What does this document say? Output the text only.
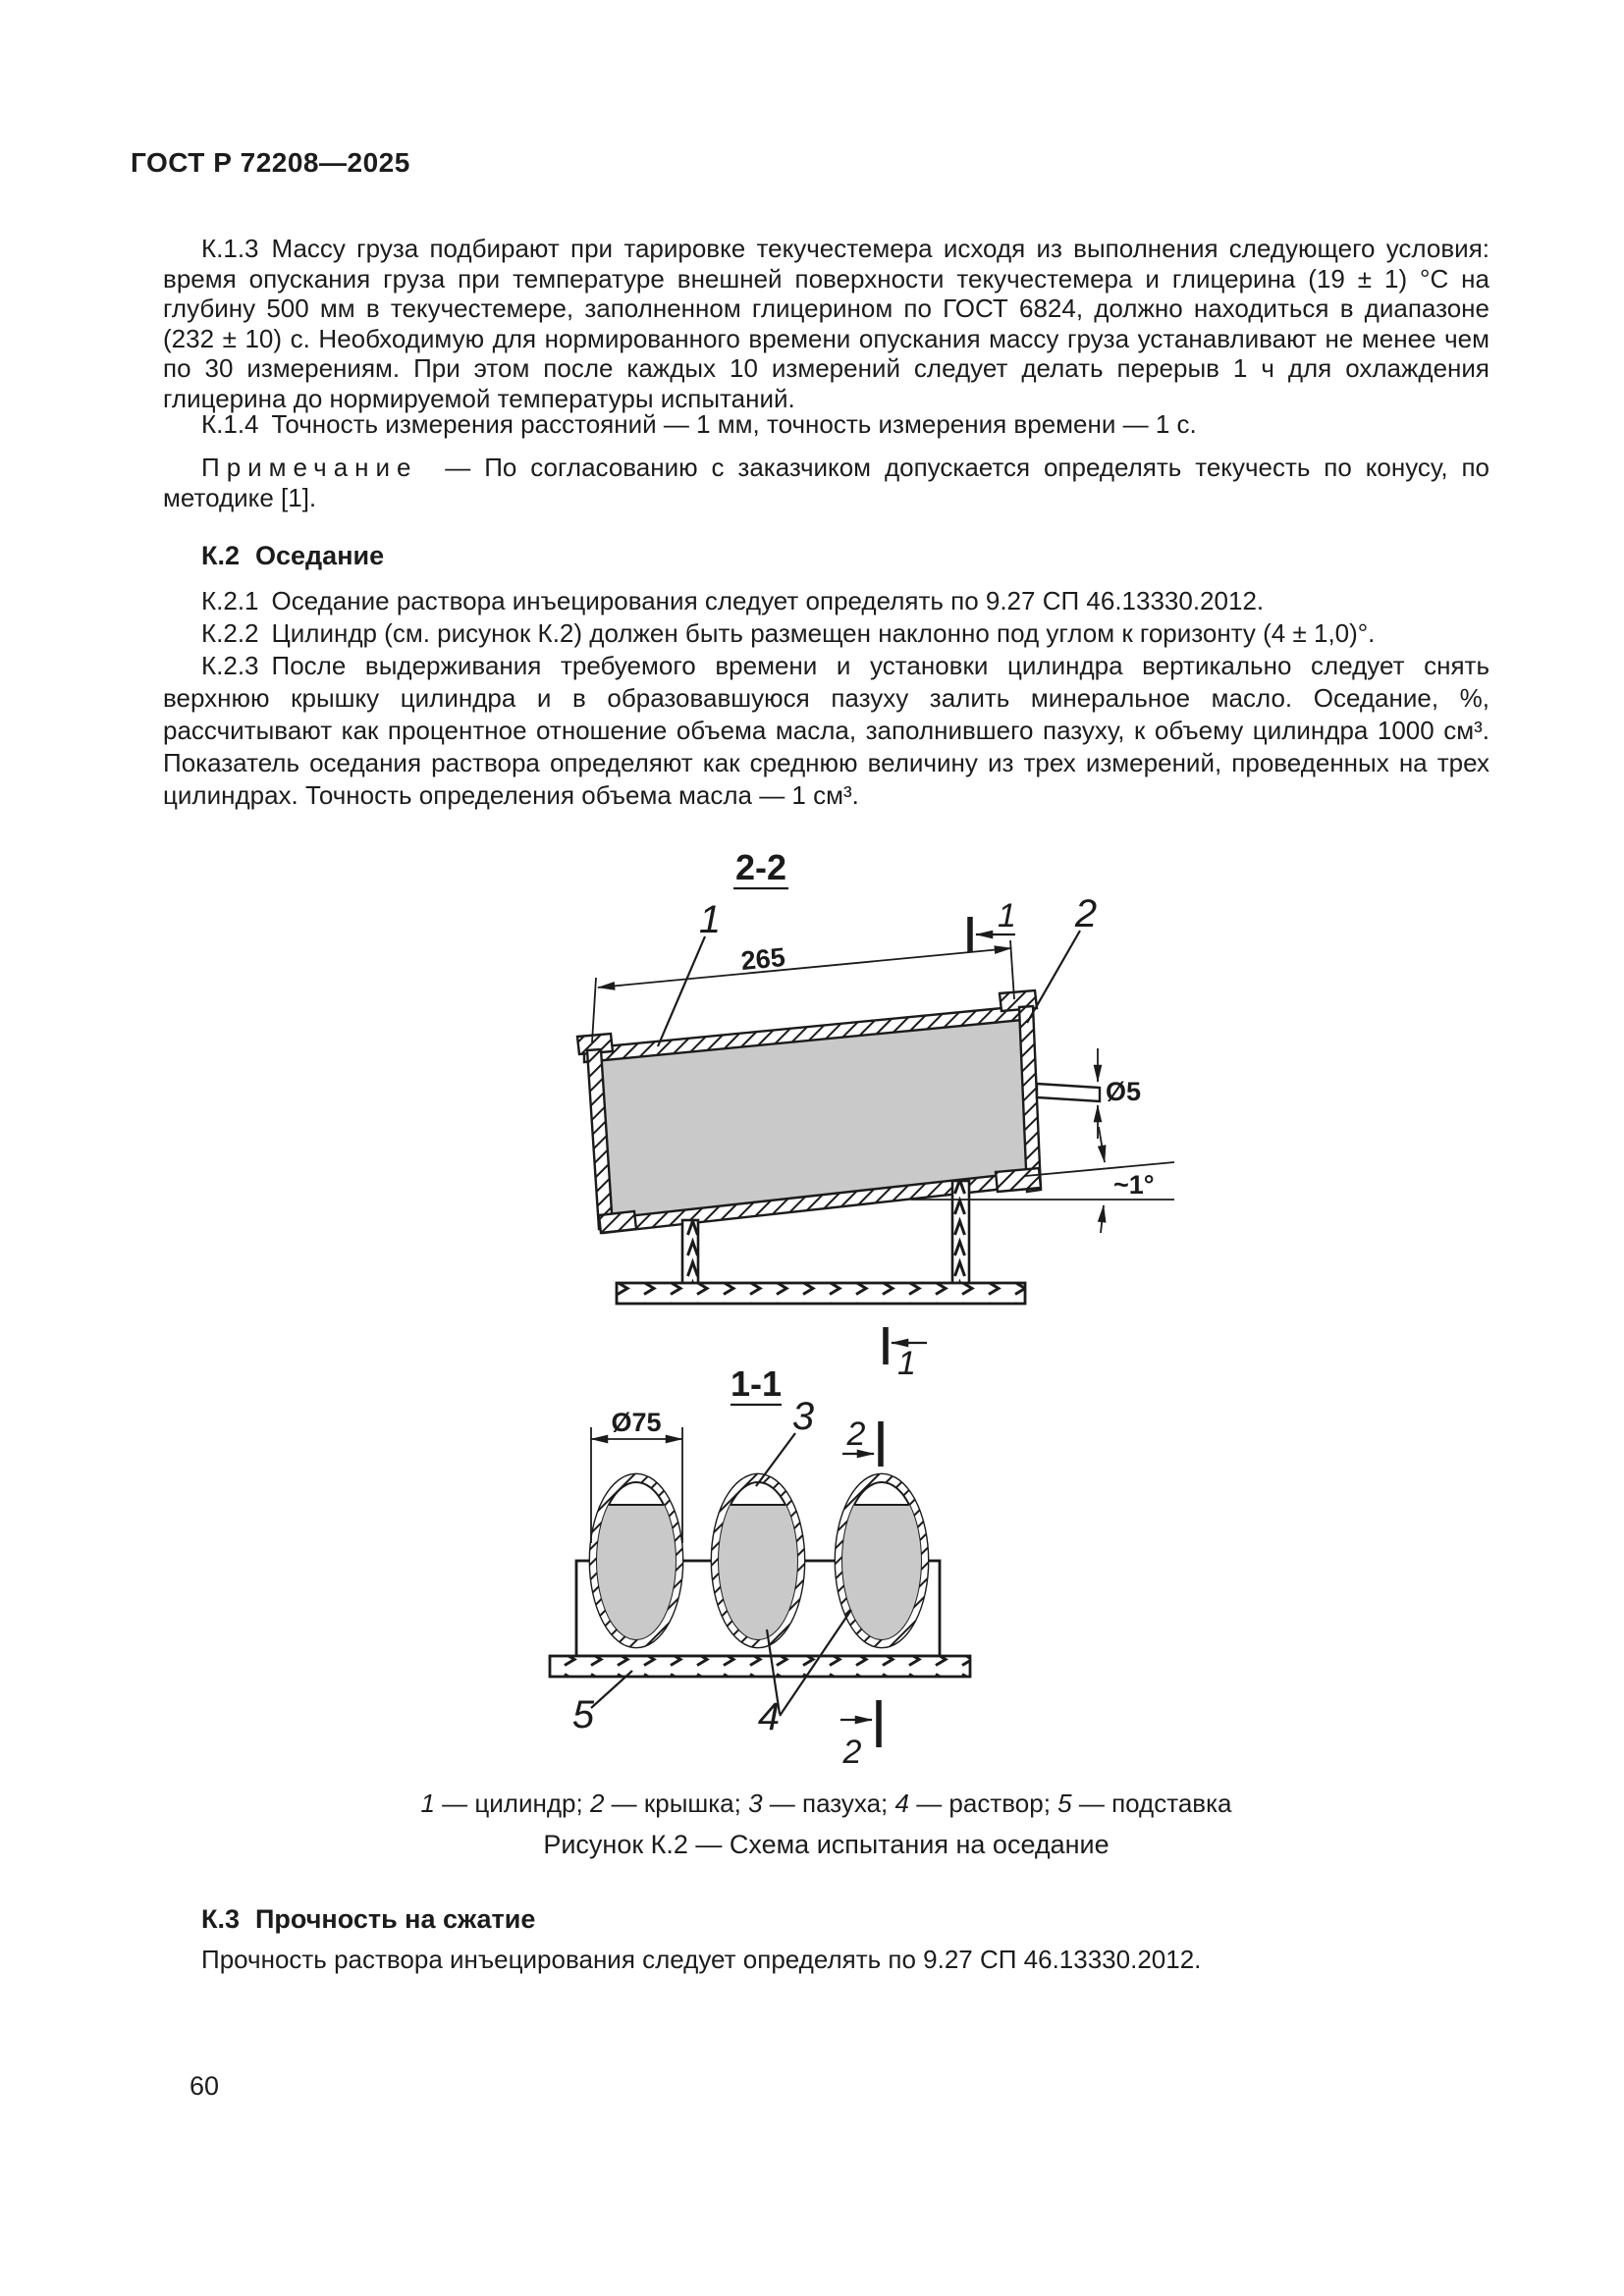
ГОСТ Р 72208—2025

К.1.3 Массу груза подбирают при тарировке текучестемера исходя из выполнения следующего условия: время опускания груза при температуре внешней поверхности текучестемера и глицерина (19 ± 1) °С на глубину 500 мм в текучестемере, заполненном глицерином по ГОСТ 6824, должно находиться в диапазоне (232 ± 10) с. Необходимую для нормированного времени опускания массу груза устанавливают не менее чем по 30 измерениям. При этом после каждых 10 измерений следует делать перерыв 1 ч для охлаждения глицерина до нормируемой температуры испытаний.

К.1.4 Точность измерения расстояний — 1 мм, точность измерения времени — 1 с.

Примечание — По согласованию с заказчиком допускается определять текучесть по конусу, по методике [1].

К.2 Оседание

К.2.1 Оседание раствора инъецирования следует определять по 9.27 СП 46.13330.2012.

К.2.2 Цилиндр (см. рисунок К.2) должен быть размещен наклонно под углом к горизонту (4 ± 1,0)°.

К.2.3 После выдерживания требуемого времени и установки цилиндра вертикально следует снять верхнюю крышку цилиндра и в образовавшуюся пазуху залить минеральное масло. Оседание, %, рассчитывают как процентное отношение объема масла, заполнившего пазуху, к объему цилиндра 1000 см³. Показатель оседания раствора определяют как среднюю величину из трех измерений, проведенных на трех цилиндрах. Точность определения объема масла — 1 см³.

2-2
265
Ø5
~1°
1	2
1
1
1-1
Ø75	3 2
2
4
5
1 — цилиндр; 2 — крышка; 3 — пазуха; 4 — раствор; 5 — подставка
Рисунок К.2 — Схема испытания на оседание
К.3 Прочность на сжатие

Прочность раствора инъецирования следует определять по 9.27 СП 46.13330.2012.

60
